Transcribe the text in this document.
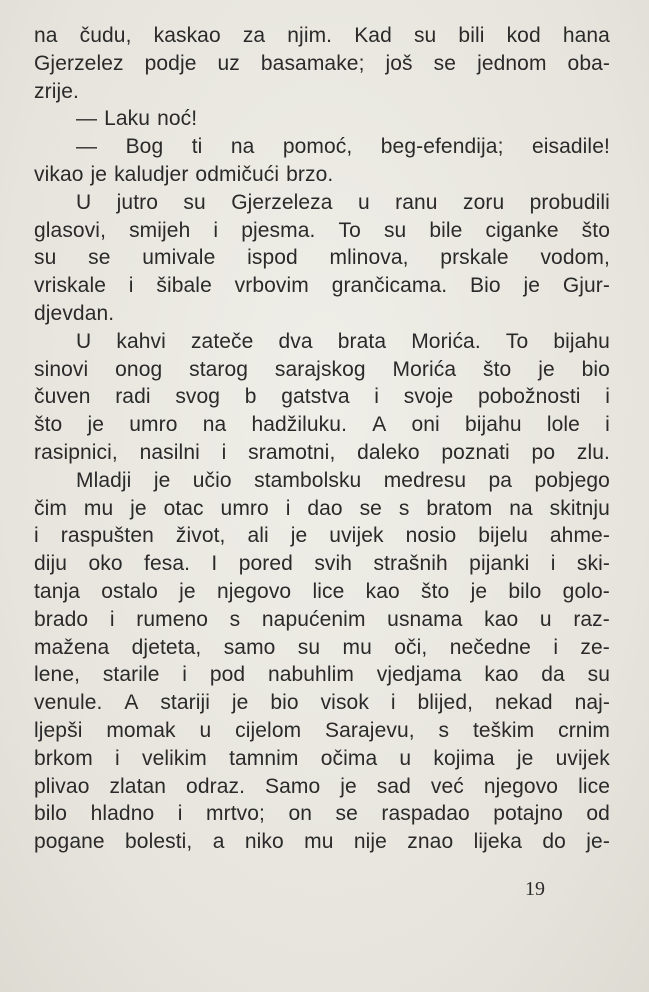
na čudu, kaskao za njim. Kad su bili kod hana
Gjerzelez podje uz basamake; još se jednom oba-
zrije.
— Laku noć!
— Bog ti na pomoć, beg-efendija; eisadile!
vikao je kaludjer odmičući brzo.
U jutro su Gjerzeleza u ranu zoru probudili
glasovi, smijeh i pjesma. To su bile ciganke što
su se umivale ispod mlinova, prskale vodom,
vriskale i šibale vrbovim grančicama. Bio je Gjur-
djevdan.
U kahvi zateče dva brata Morića. To bijahu
sinovi onog starog sarajskog Morića što je bio
čuven radi svog b gatstva i svoje pobožnosti i
što je umro na hadžiluku. A oni bijahu lole i
rasipnici, nasilni i sramotni, daleko poznati po zlu.
Mladji je učio stambolsku medresu pa pobjego
čim mu je otac umro i dao se s bratom na skitnju
i raspušten život, ali je uvijek nosio bijelu ahme-
diju oko fesa. I pored svih strašnih pijanki i ski-
tanja ostalo je njegovo lice kao što je bilo golo-
brado i rumeno s napućenim usnama kao u raz-
mažena djeteta, samo su mu oči, nečedne i ze-
lene, starile i pod nabuhlim vjedjama kao da su
venule. A stariji je bio visok i blijed, nekad naj-
ljepši momak u cijelom Sarajevu, s teškim crnim
brkom i velikim tamnim očima u kojima je uvijek
plivao zlatan odraz. Samo je sad već njegovo lice
bilo hladno i mrtvo; on se raspadao potajno od
pogane bolesti, a niko mu nije znao lijeka do je-
19
